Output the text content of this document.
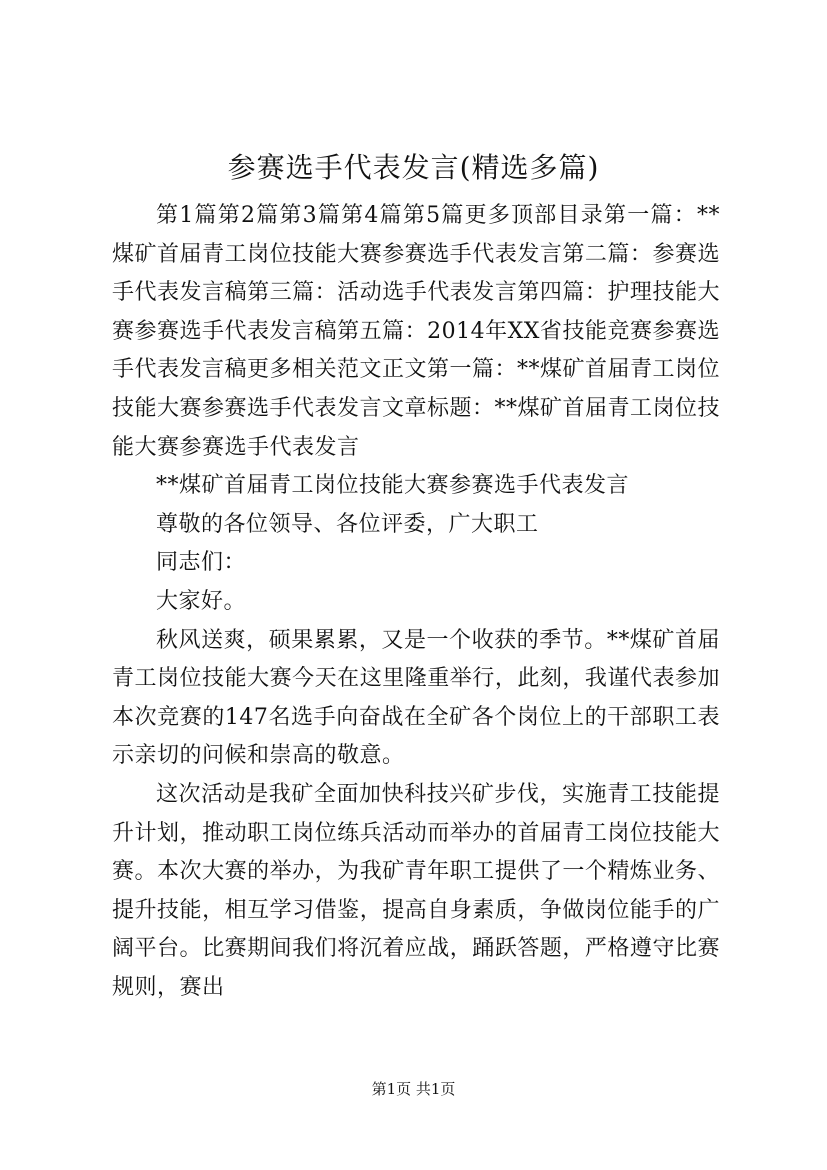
参赛选手代表发言(精选多篇)

第1篇第2篇第3篇第4篇第5篇更多顶部目录第一篇：**煤矿首届青工岗位技能大赛参赛选手代表发言第二篇：参赛选手代表发言稿第三篇：活动选手代表发言第四篇：护理技能大赛参赛选手代表发言稿第五篇：2014年XX省技能竞赛参赛选手代表发言稿更多相关范文正文第一篇：**煤矿首届青工岗位技能大赛参赛选手代表发言文章标题：**煤矿首届青工岗位技能大赛参赛选手代表发言

**煤矿首届青工岗位技能大赛参赛选手代表发言

尊敬的各位领导、各位评委，广大职工

同志们：

大家好。

秋风送爽，硕果累累，又是一个收获的季节。**煤矿首届青工岗位技能大赛今天在这里隆重举行，此刻，我谨代表参加本次竞赛的147名选手向奋战在全矿各个岗位上的干部职工表示亲切的问候和崇高的敬意。

这次活动是我矿全面加快科技兴矿步伐，实施青工技能提升计划，推动职工岗位练兵活动而举办的首届青工岗位技能大赛。本次大赛的举办，为我矿青年职工提供了一个精炼业务、提升技能，相互学习借鉴，提高自身素质，争做岗位能手的广阔平台。比赛期间我们将沉着应战，踊跃答题，严格遵守比赛规则，赛出

第1页 共1页
